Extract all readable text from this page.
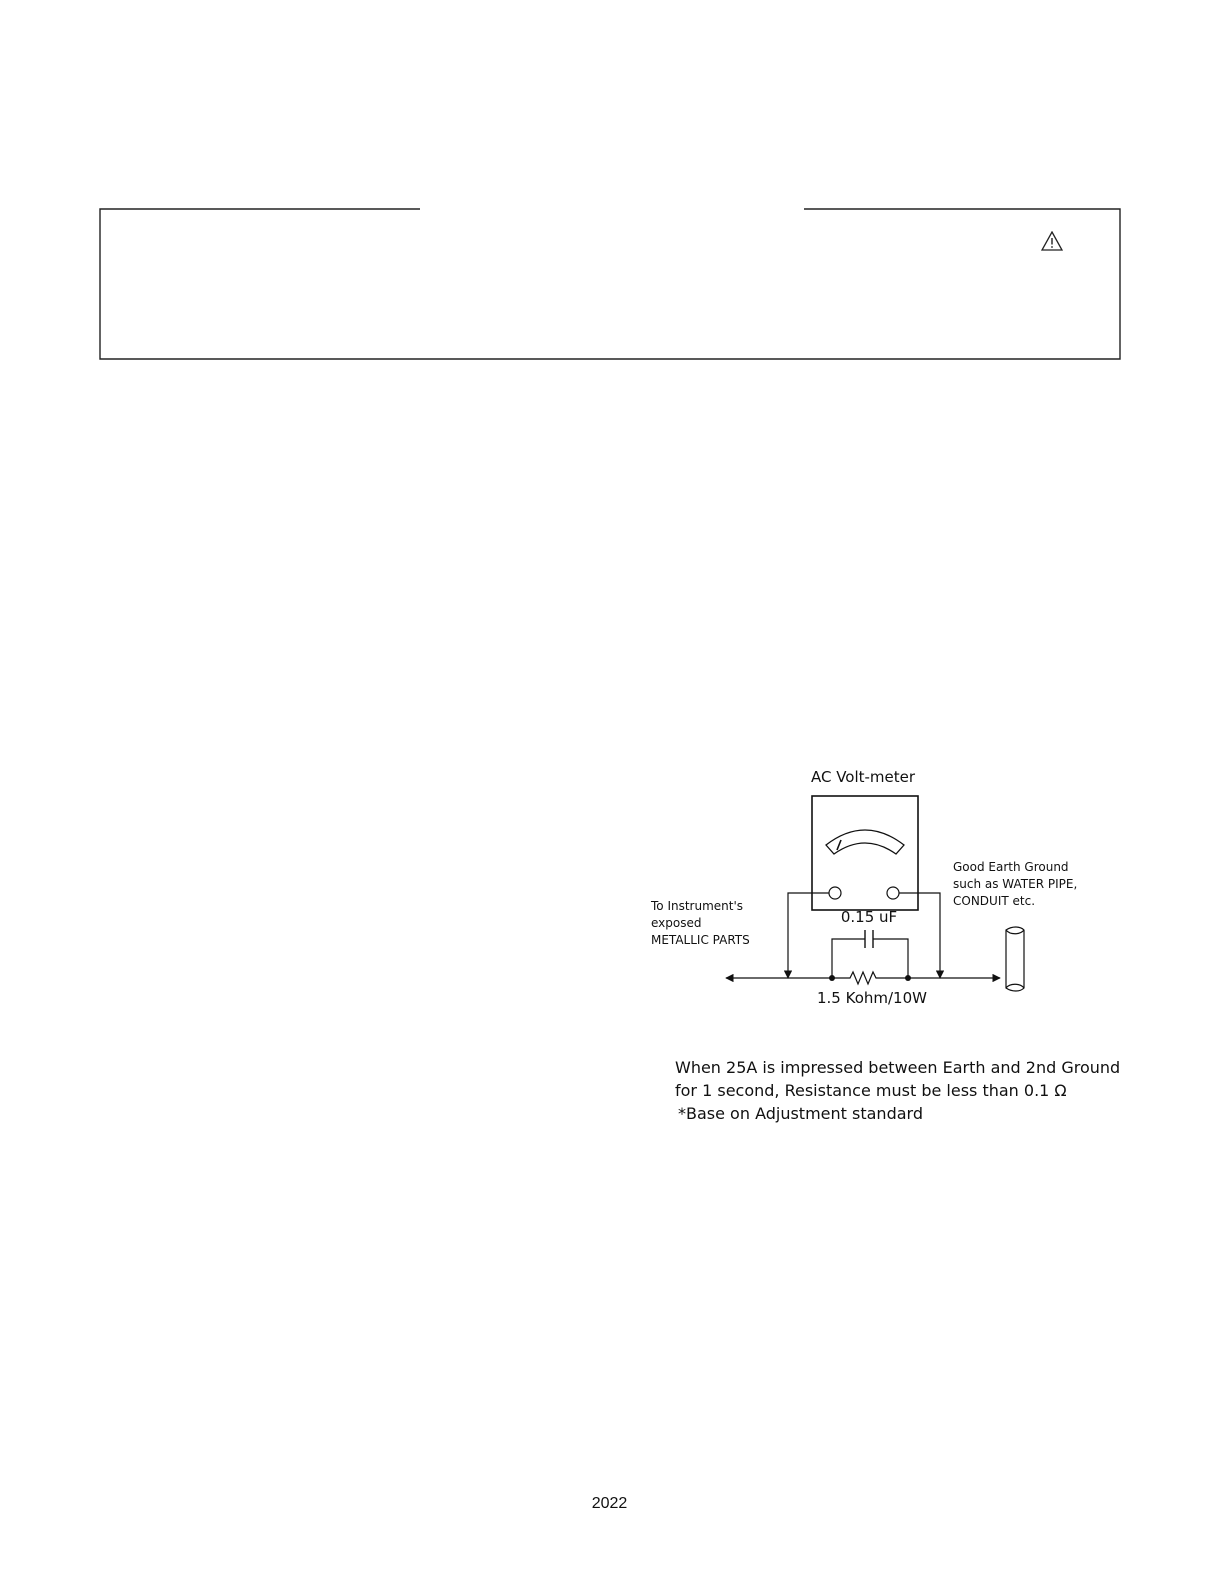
AC Volt-meter
0.15 uF
1.5 Kohm/10W
To Instrument's exposed METALLIC PARTS
Good Earth Ground such as WATER PIPE, CONDUIT etc.
When 25A is impressed between Earth and 2nd Ground
for 1 second, Resistance must be less than 0.1 Ω
*Base on Adjustment standard
2022
